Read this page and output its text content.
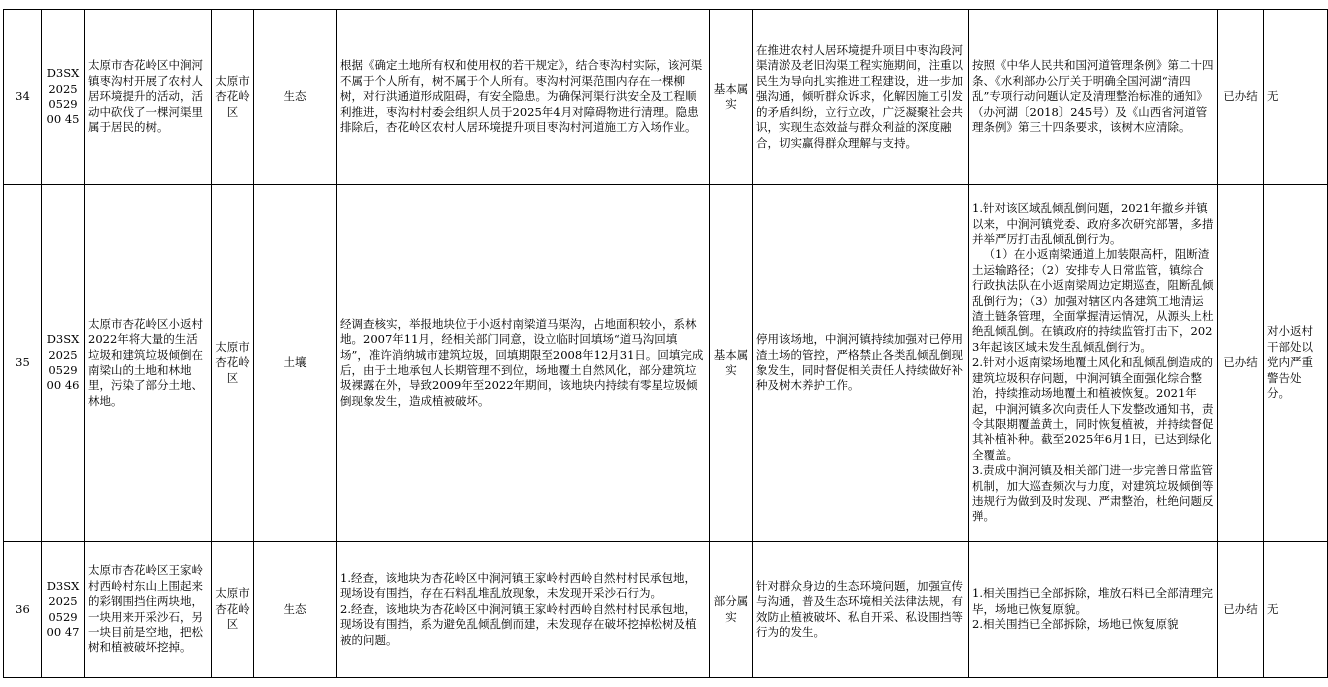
34	D3SX2025052900 45	太原市杏花岭区中涧河镇枣沟村开展了农村人居环境提升的活动，活动中砍伐了一棵河渠里属于居民的树。	太原市杏花岭区	生态	根据《确定土地所有权和使用权的若干规定》，结合枣沟村实际，该河渠不属于个人所有，树不属于个人所有。枣沟村河渠范围内存在一棵柳树，对行洪通道形成阻碍，有安全隐患。为确保河渠行洪安全及工程顺利推进，枣沟村村委会组织人员于2025年4月对障碍物进行清理。隐患排除后，杏花岭区农村人居环境提升项目枣沟村河道施工方入场作业。	基本属实	在推进农村人居环境提升项目中枣沟段河渠清淤及老旧沟渠工程实施期间，注重以民生为导向扎实推进工程建设，进一步加强沟通，倾听群众诉求，化解因施工引发的矛盾纠纷，立行立改，广泛凝聚社会共识，实现生态效益与群众利益的深度融合，切实赢得群众理解与支持。	按照《中华人民共和国河道管理条例》第二十四条、《水利部办公厅关于明确全国河湖“清四乱”专项行动问题认定及清理整治标准的通知》（办河湖〔2018〕245号）及《山西省河道管理条例》第三十四条要求，该树木应清除。	已办结	无
35	D3SX2025052900 46	太原市杏花岭区小返村2022年将大量的生活垃圾和建筑垃圾倾倒在南梁山的土地和林地里，污染了部分土地、林地。	太原市杏花岭区	土壤	经调查核实，举报地块位于小返村南梁道马渠沟，占地面积较小，系林地。2007年11月，经相关部门同意，设立临时回填场“道马沟回填场”，准许消纳城市建筑垃圾，回填期限至2008年12月31日。回填完成后，由于土地承包人长期管理不到位，场地覆土自然风化，部分建筑垃圾裸露在外，导致2009年至2022年期间，该地块内持续有零星垃圾倾倒现象发生，造成植被破坏。	基本属实	停用该场地，中涧河镇持续加强对已停用渣土场的管控，严格禁止各类乱倾乱倒现象发生，同时督促相关责任人持续做好补种及树木养护工作。	1.针对该区域乱倾乱倒问题，2021年撤乡并镇以来，中涧河镇党委、政府多次研究部署，多措并举严厉打击乱倾乱倒行为。
（1）在小返南梁通道上加装限高杆，阻断渣土运输路径；（2）安排专人日常监管，镇综合行政执法队在小返南梁周边定期巡查，阻断乱倾乱倒行为；（3）加强对辖区内各建筑工地清运渣土链条管理，全面掌握清运情况，从源头上杜绝乱倾乱倒。在镇政府的持续监管打击下，2023年起该区域未发生乱倾乱倒行为。
2.针对小返南梁场地覆土风化和乱倾乱倒造成的建筑垃圾积存问题，中涧河镇全面强化综合整治，持续推动场地覆土和植被恢复。2021年起，中涧河镇多次向责任人下发整改通知书，责令其限期覆盖黄土，同时恢复植被，并持续督促其补植补种。截至2025年6月1日，已达到绿化全覆盖。
3.责成中涧河镇及相关部门进一步完善日常监管机制，加大巡查频次与力度，对建筑垃圾倾倒等违规行为做到及时发现、严肃整治，杜绝问题反弹。	已办结	对小返村干部处以党内严重警告处分。
36	D3SX2025052900 47	太原市杏花岭区王家岭村西岭村东山上围起来的彩钢围挡住两块地，一块用来开采沙石，另一块目前是空地，把松树和植被破坏挖掉。	太原市杏花岭区	生态	1.经查，该地块为杏花岭区中涧河镇王家岭村西岭自然村村民承包地，现场设有围挡，存在石料乱堆乱放现象，未发现开采沙石行为。
2.经查，该地块为杏花岭区中涧河镇王家岭村西岭自然村村民承包地，现场设有围挡，系为避免乱倾乱倒而建，未发现存在破坏挖掉松树及植被的问题。	部分属实	针对群众身边的生态环境问题，加强宣传与沟通，普及生态环境相关法律法规，有效防止植被破坏、私自开采、私设围挡等行为的发生。	1.相关围挡已全部拆除，堆放石料已全部清理完毕，场地已恢复原貌。
2.相关围挡已全部拆除，场地已恢复原貌	已办结	无
